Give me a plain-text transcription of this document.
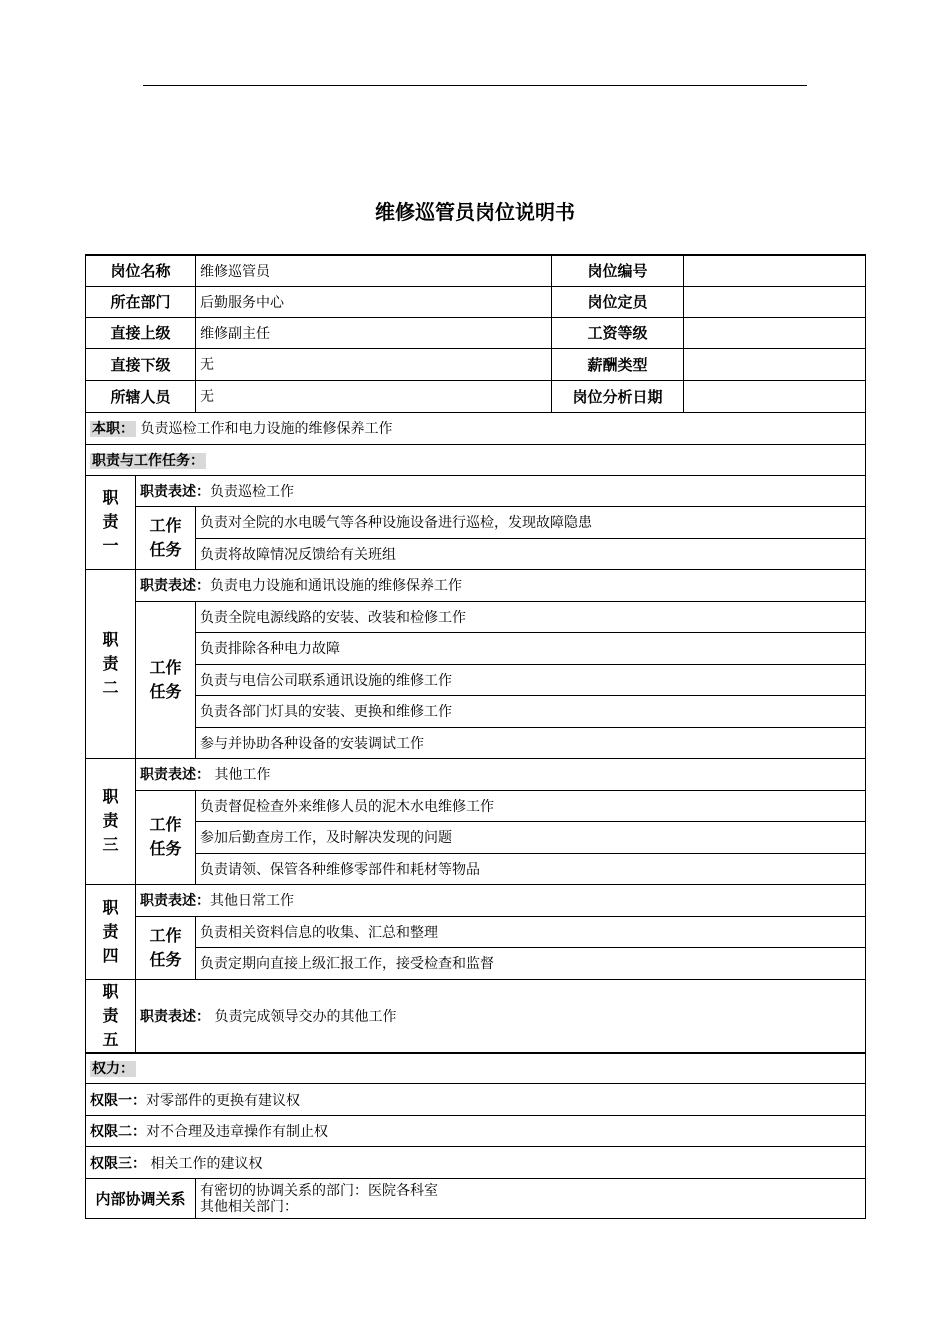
维修巡管员岗位说明书
岗位名称		维修巡管员	岗位编号	
所在部门		后勤服务中心	岗位定员	
直接上级		维修副主任	工资等级	
直接下级		无	薪酬类型	
所辖人员		无	岗位分析日期	
本职： 负责巡检工作和电力设施的维修保养工作				
职责与工作任务：				
职
责
一	职责表述：负责巡检工作			
	工作
任务	负责对全院的水电暖气等各种设施设备进行巡检，发现故障隐患		
		负责将故障情况反馈给有关班组		
职
责
二	职责表述：负责电力设施和通讯设施的维修保养工作			
	工作
任务	负责全院电源线路的安装、改装和检修工作		
		负责排除各种电力故障		
		负责与电信公司联系通讯设施的维修工作		
		负责各部门灯具的安装、更换和维修工作		
		参与并协助各种设备的安装调试工作		
职
责
三	职责表述： 其他工作			
	工作
任务	负责督促检查外来维修人员的泥木水电维修工作		
		参加后勤查房工作，及时解决发现的问题		
		负责请领、保管各种维修零部件和耗材等物品		
职
责
四	职责表述：其他日常工作			
	工作
任务	负责相关资料信息的收集、汇总和整理		
		负责定期向直接上级汇报工作，接受检查和监督		
职
责
五	职责表述： 负责完成领导交办的其他工作			
权力：				
权限一：对零部件的更换有建议权				
权限二：对不合理及违章操作有制止权				
权限三： 相关工作的建议权				
内部协调关系		有密切的协调关系的部门：医院各科室
其他相关部门：		
